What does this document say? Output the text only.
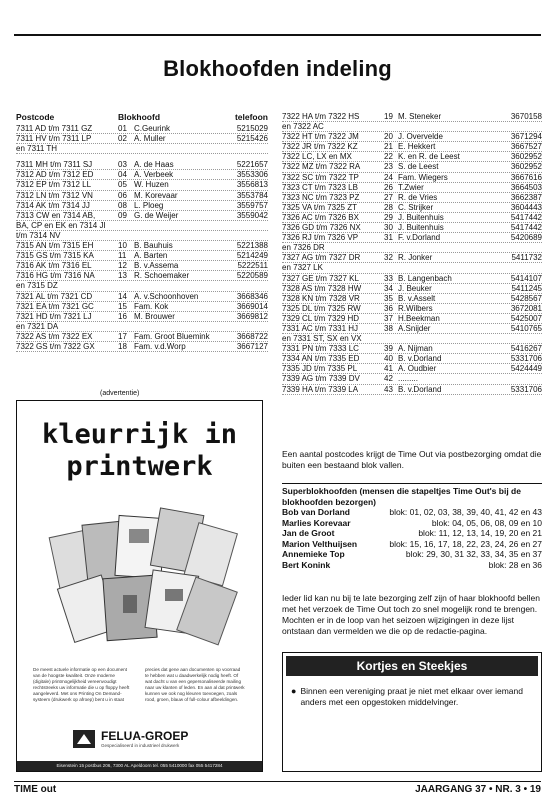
Blokhoofden indeling
Postcode	Blokhoofd	telefoon
7311 AD t/m 7311 GZ	01 C.Geurink	5215029
7311 HV t/m 7311 LP	02 A. Muller	5215426
en 7311 TH
7311 MH t/m 7311 SJ	03 A. de Haas	5221657
7312 AD t/m 7312 ED	04 A. Verbeek	3553306
7312 EP t/m 7312 LL	05 W. Huzen	3556813
7312 LN t/m 7312 VN	06 M. Korevaar	3553784
7314 AK t/m 7314 JJ	08 L. Ploeg	3559757
7313 CW en 7314 AB,	09 G. de Weijer	3559042
BA, CP en EK en 7314 JI
t/m 7314 NV
7315 AN t/m 7315 EH	10 B. Bauhuis	5221388
7315 GS t/m 7315 KA	11 A. Barten	5214249
7316 AK t/m 7316 EL	12 B. v.Assema	5222511
7316 HG t/m 7316 NA	13 R. Schoemaker	5220589
en 7315 DZ
7321 AL t/m 7321 CD	14 A. v.Schoonhoven	3668346
7321 EA t/m 7321 GC	15 Fam. Kok	3669014
7321 HD t/m 7321 LJ	16 M. Brouwer	3669812
en 7321 DA
7322 AS t/m 7322 EX	17 Fam. Groot Bluemink	3668722
7322 GS t/m 7322 GX	18 Fam. v.d.Worp	3667127
7322 HA t/m 7322 HS	19 M. Steneker	3670158
en 7322 AC
7322 HT t/m 7322 JM	20 J. Overvelde	3671294
7322 JR t/m 7322 KZ	21 E. Hekkert	3667527
7322 LC, LX en MX	22 K. en R. de Leest	3602952
7322 MZ t/m 7322 RA	23 S. de Leest	3602952
7322 SC t/m 7322 TP	24 Fam. Wiegers	3667616
7323 CT t/m 7323 LB	26 T.Zwier	3664503
7323 NC t/m 7323 PZ	27 R. de Vries	3662387
7325 VA t/m 7325 ZT	28 C. Strijker	3604443
7326 AC t/m 7326 BX	29 J. Buitenhuis	5417442
7326 GD t/m 7326 NX	30 J. Buitenhuis	5417442
7326 RJ t/m 7326 VP	31 F. v.Dorland	5420689
en 7326 DR
7327 AG t/m 7327 DR	32 R. Jonker	5411732
en 7327 LK
7327 GE t/m 7327 KL	33 B. Langenbach	5414107
7328 AS t/m 7328 HW	34 J. Beuker	5411245
7328 KN t/m 7328 VR	35 B. v.Asselt	5428567
7325 DL t/m 7325 RW	36 R.Wilbers	3672081
7329 CL t/m 7329 HD	37 H.Beekman	5425007
7331 AC t/m 7331 HJ	38 A.Snijder	5410765
en 7331 ST, SX en VX
7331 PN t/m 7333 LC	39 A. Nijman	5416267
7334 AN t/m 7335 ED	40 B. v.Dorland	5331706
7335 JD t/m 7335 PL	41 A. Oudbier	5424449
7339 AG t/m 7339 DV	42 .........
7339 HA t/m 7339 LA	43 B. v.Dorland	5331706
Een aantal postcodes krijgt de Time Out via postbezorging omdat die buiten een bestaand blok vallen.
Superblokhoofden (mensen die stapeltjes Time Out's bij de blokhoofden bezorgen)
Bob van Dorland	blok: 01, 02, 03, 38, 39, 40, 41, 42 en 43
Marlies Korevaar	blok: 04, 05, 06, 08, 09 en 10
Jan de Groot	blok: 11, 12, 13, 14, 19, 20 en 21
Marion Velthuijsen	blok: 15, 16, 17, 18, 22, 23, 24, 26 en 27
Annemieke Top	blok: 29, 30, 31 32, 33, 34, 35 en 37
Bert Konink	blok: 28 en 36
Ieder lid kan nu bij te late bezorging zelf zijn of haar blokhoofd bellen met het verzoek de Time Out toch zo snel mogelijk rond te brengen. Mochten er in de loop van het seizoen wijzigingen in deze lijst ontstaan dan vermelden we die op de redactie-pagina.
(advertentie)
kleurrijk in
printwerk
De meest actuele informatie op een document van de hoogste kwaliteit. Onze moderne (digitale) printmogelijkheid vereenvoudigt rechtstreeks uw informatie die u op floppy heeft aangeleverd. Met ons Printing On Demand-systeem (drukwerk op afroep) bent u in staat
precies dat gene aan documenten op voorraad te hebben wat u daadwerkelijk nodig heeft. Of wat dacht u van een gepersonaliseerde mailing naar uw klanten of leden. En aan al dat printwerk kunnen we ook nog kleuren toevoegen, zoals rood, groen, blauw of full-colour afbeeldingen.
FELUA-GROEP
Gespecialiseerd in industrieel drukwerk
Eisenstein 15 postbus 206, 7300 AL Apeldoorn tel. 055 5410000 fax 055 5417284
Kortjes en Steekjes
● Binnen een vereniging praat je niet met elkaar over iemand anders met een opgestoken middelvinger.
TIME out	JAARGANG 37 • NR. 3 • 19
